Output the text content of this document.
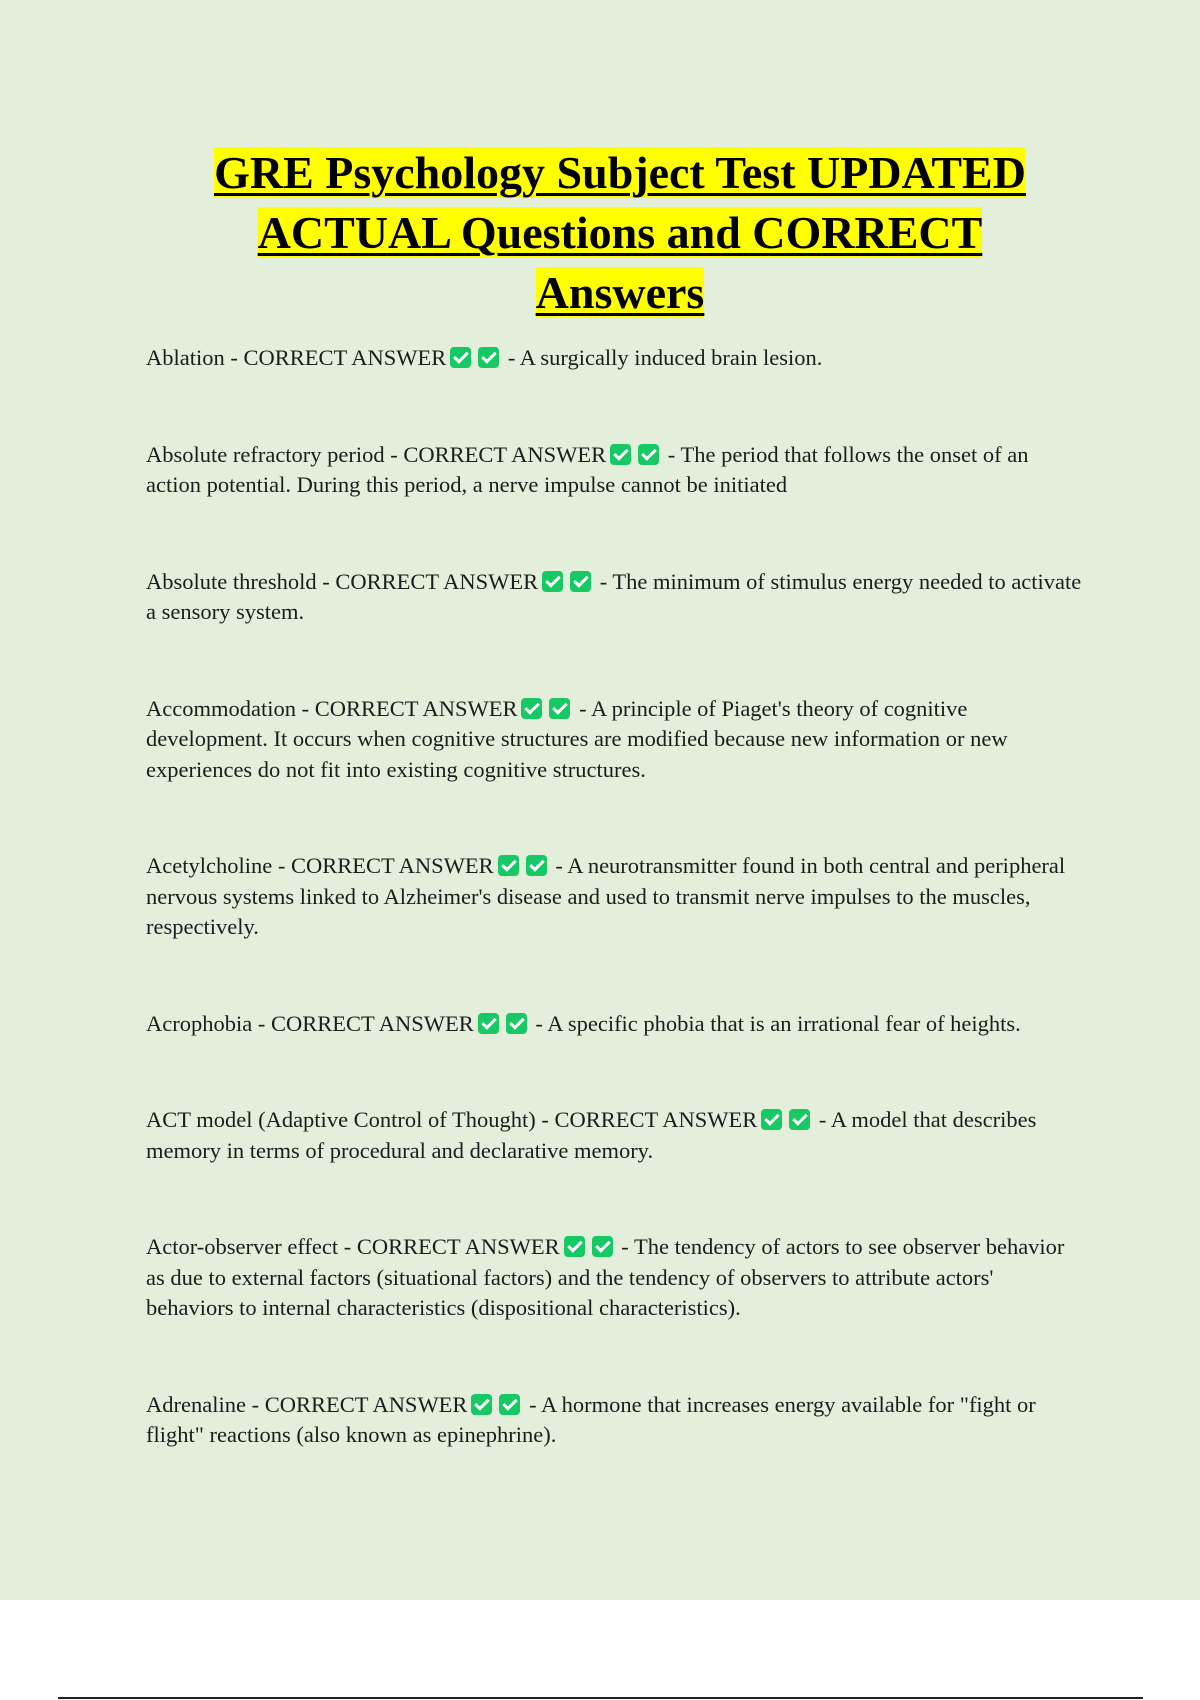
GRE Psychology Subject Test UPDATED
ACTUAL Questions and CORRECT
Answers

Ablation - CORRECT ANSWER - A surgically induced brain lesion.

Absolute refractory period - CORRECT ANSWER - The period that follows the onset of an action potential. During this period, a nerve impulse cannot be initiated

Absolute threshold - CORRECT ANSWER - The minimum of stimulus energy needed to activate a sensory system.

Accommodation - CORRECT ANSWER - A principle of Piaget's theory of cognitive development. It occurs when cognitive structures are modified because new information or new experiences do not fit into existing cognitive structures.

Acetylcholine - CORRECT ANSWER - A neurotransmitter found in both central and peripheral nervous systems linked to Alzheimer's disease and used to transmit nerve impulses to the muscles, respectively.

Acrophobia - CORRECT ANSWER - A specific phobia that is an irrational fear of heights.

ACT model (Adaptive Control of Thought) - CORRECT ANSWER - A model that describes memory in terms of procedural and declarative memory.

Actor-observer effect - CORRECT ANSWER - The tendency of actors to see observer behavior as due to external factors (situational factors) and the tendency of observers to attribute actors' behaviors to internal characteristics (dispositional characteristics).

Adrenaline - CORRECT ANSWER - A hormone that increases energy available for "fight or flight" reactions (also known as epinephrine).
